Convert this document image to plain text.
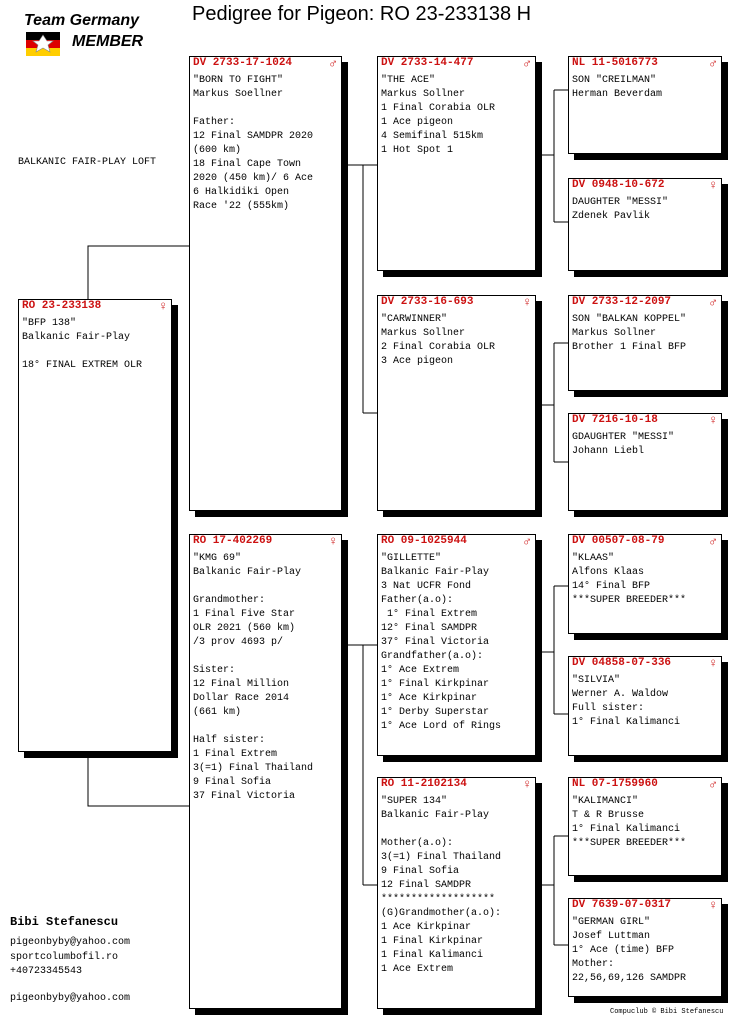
Team Germany
MEMBER
Pedigree for Pigeon: RO 23-233138 H
BALKANIC FAIR-PLAY LOFT
RO 23-233138	♀
"BFP 138"
Balkanic Fair-Play

18° FINAL EXTREM OLR
DV 2733-17-1024	♂
"BORN TO FIGHT"
Markus Soellner

Father:
12 Final SAMDPR 2020
(600 km)
18 Final Cape Town
2020 (450 km)/ 6 Ace
6 Halkidiki Open
Race '22 (555km)
RO 17-402269	♀
"KMG 69"
Balkanic Fair-Play

Grandmother:
1 Final Five Star
OLR 2021 (560 km)
/3 prov 4693 p/

Sister:
12 Final Million
Dollar Race 2014
(661 km)

Half sister:
1 Final Extrem
3(=1) Final Thailand
9 Final Sofia
37 Final Victoria
DV 2733-14-477	♂
"THE ACE"
Markus Sollner
1 Final Corabia OLR
1 Ace pigeon
4 Semifinal 515km
1 Hot Spot 1
DV 2733-16-693	♀
"CARWINNER"
Markus Sollner
2 Final Corabia OLR
3 Ace pigeon
RO 09-1025944	♂
"GILLETTE"
Balkanic Fair-Play
3 Nat UCFR Fond
Father(a.o):
1° Final Extrem
12° Final SAMDPR
37° Final Victoria
Grandfather(a.o):
1° Ace Extrem
1° Final Kirkpinar
1° Ace Kirkpinar
1° Derby Superstar
1° Ace Lord of Rings
RO 11-2102134	♀
"SUPER 134"
Balkanic Fair-Play

Mother(a.o):
3(=1) Final Thailand
9 Final Sofia
12 Final SAMDPR
*******************
(G)Grandmother(a.o):
1 Ace Kirkpinar
1 Final Kirkpinar
1 Final Kalimanci
1 Ace Extrem
NL 11-5016773	♂
SON "CREILMAN"
Herman Beverdam
DV 0948-10-672	♀
DAUGHTER "MESSI"
Zdenek Pavlik
DV 2733-12-2097	♂
SON "BALKAN KOPPEL"
Markus Sollner
Brother 1 Final BFP
DV 7216-10-18	♀
GDAUGHTER "MESSI"
Johann Liebl
DV 00507-08-79	♂
"KLAAS"
Alfons Klaas
14° Final BFP
***SUPER BREEDER***
DV 04858-07-336	♀
"SILVIA"
Werner A. Waldow
Full sister:
1° Final Kalimanci
NL 07-1759960	♂
"KALIMANCI"
T & R Brusse
1° Final Kalimanci
***SUPER BREEDER***
DV 7639-07-0317	♀
"GERMAN GIRL"
Josef Luttman
1° Ace (time) BFP
Mother:
22,56,69,126 SAMDPR
Bibi Stefanescu
pigeonbyby@yahoo.com
sportcolumbofil.ro
+40723345543
pigeonbyby@yahoo.com
Compuclub © Bibi Stefanescu
